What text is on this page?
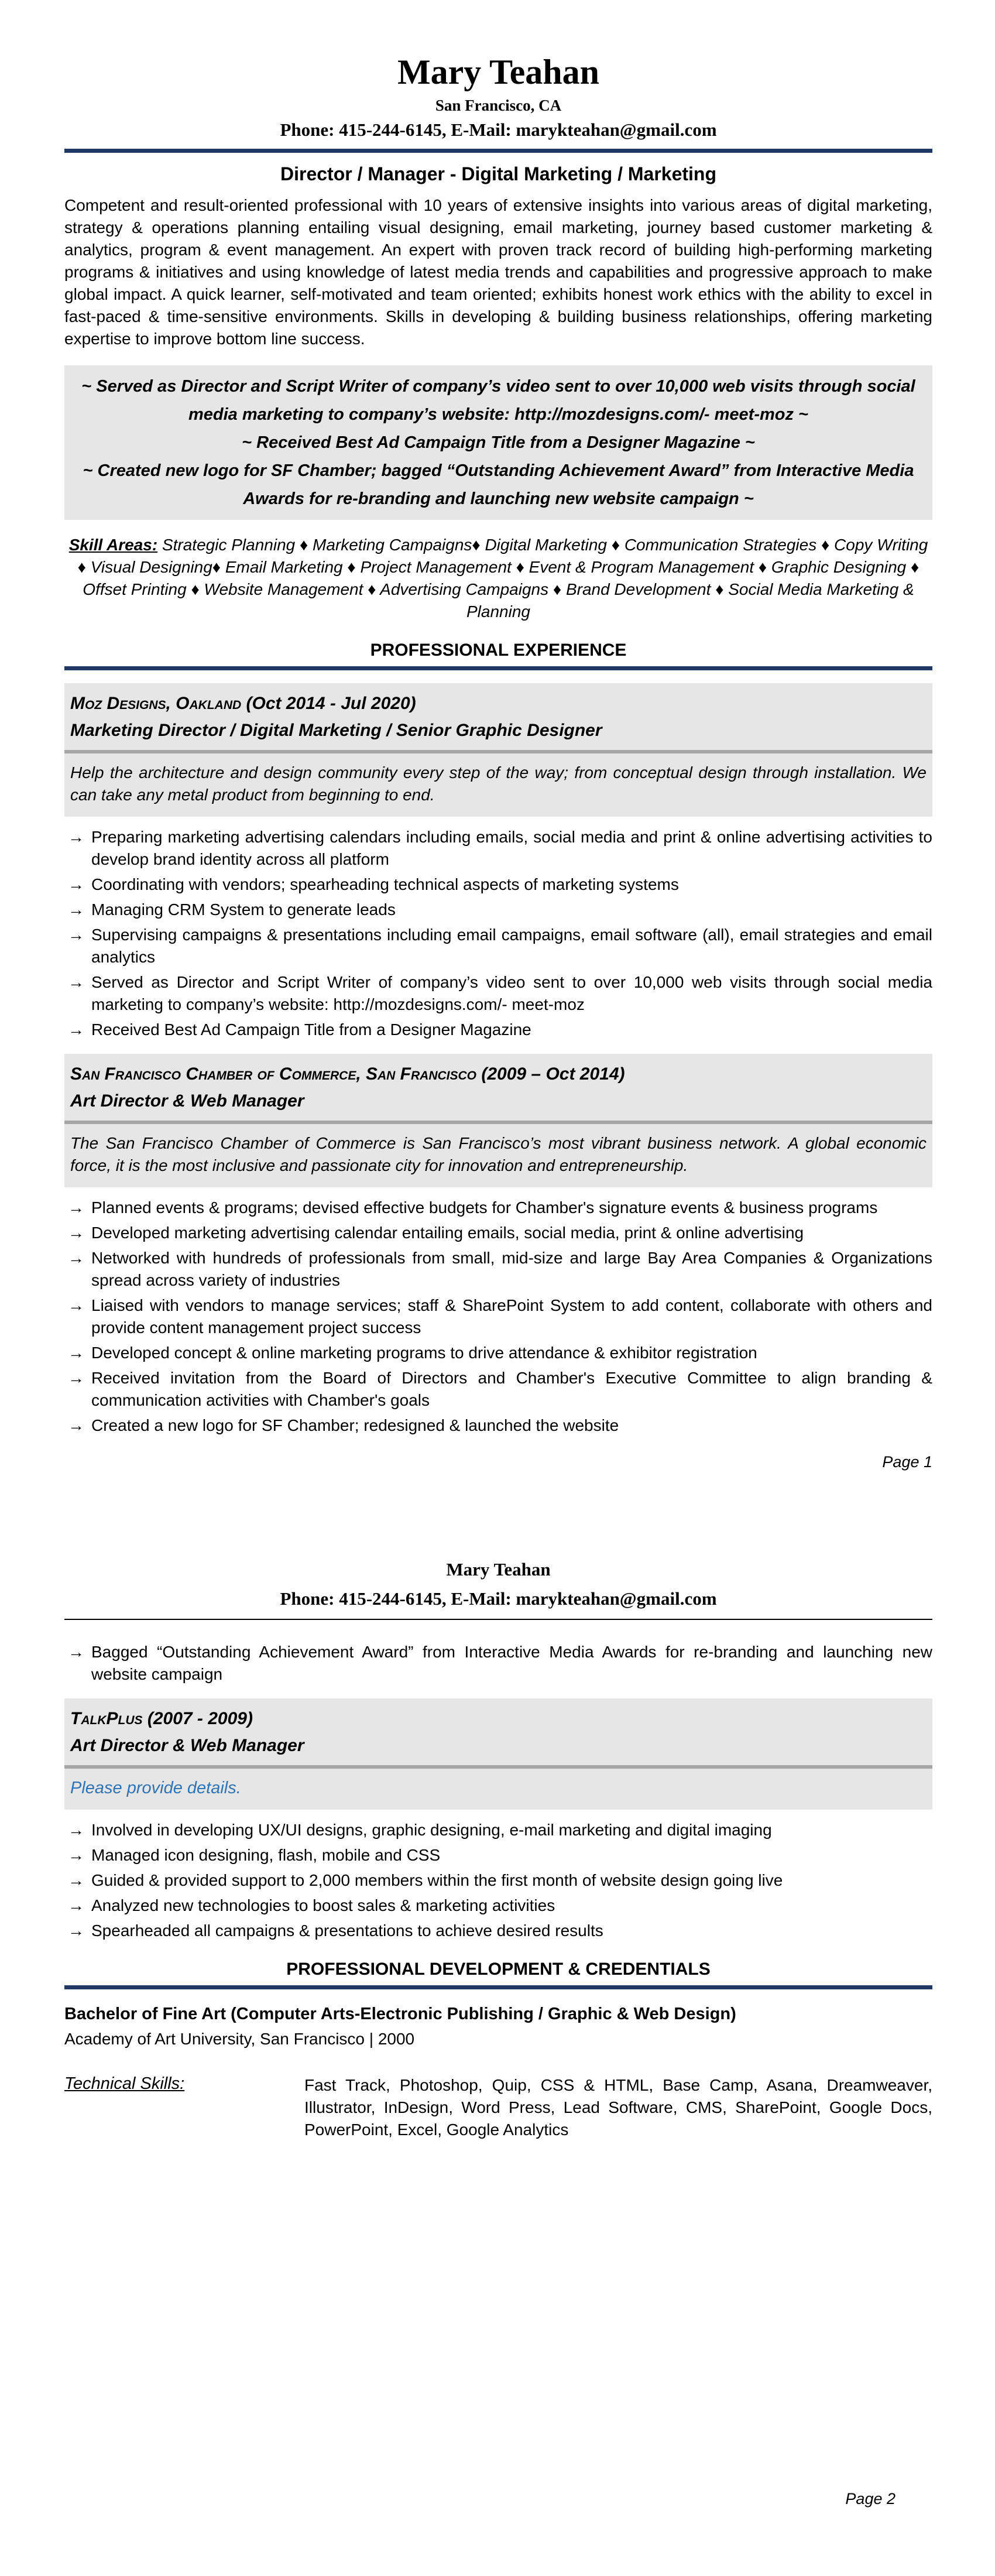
Mary Teahan
San Francisco, CA
Phone: 415-244-6145, E-Mail: marykteahan@gmail.com
Director / Manager - Digital Marketing / Marketing

Competent and result-oriented professional with 10 years of extensive insights into various areas of digital marketing, strategy & operations planning entailing visual designing, email marketing, journey based customer marketing & analytics, program & event management. An expert with proven track record of building high-performing marketing programs & initiatives and using knowledge of latest media trends and capabilities and progressive approach to make global impact. A quick learner, self-motivated and team oriented; exhibits honest work ethics with the ability to excel in fast-paced & time-sensitive environments. Skills in developing & building business relationships, offering marketing expertise to improve bottom line success.

~ Served as Director and Script Writer of company’s video sent to over 10,000 web visits through social media marketing to company’s website: http://mozdesigns.com/- meet-moz ~

~ Received Best Ad Campaign Title from a Designer Magazine ~

~ Created new logo for SF Chamber; bagged “Outstanding Achievement Award” from Interactive Media Awards for re-branding and launching new website campaign ~

Skill Areas: Strategic Planning ♦ Marketing Campaigns♦ Digital Marketing ♦ Communication Strategies ♦ Copy Writing ♦ Visual Designing♦ Email Marketing ♦ Project Management ♦ Event & Program Management ♦ Graphic Designing ♦ Offset Printing ♦ Website Management ♦ Advertising Campaigns ♦ Brand Development ♦ Social Media Marketing & Planning

PROFESSIONAL EXPERIENCE

Moz Designs, Oakland (Oct 2014 - Jul 2020)

Marketing Director / Digital Marketing / Senior Graphic Designer

Help the architecture and design community every step of the way; from conceptual design through installation. We can take any metal product from beginning to end.

→ Preparing marketing advertising calendars including emails, social media and print & online advertising activities to develop brand identity across all platform
→ Coordinating with vendors; spearheading technical aspects of marketing systems
→ Managing CRM System to generate leads
→ Supervising campaigns & presentations including email campaigns, email software (all), email strategies and email analytics
→ Served as Director and Script Writer of company’s video sent to over 10,000 web visits through social media marketing to company’s website: http://mozdesigns.com/- meet-moz
→ Received Best Ad Campaign Title from a Designer Magazine

San Francisco Chamber of Commerce, San Francisco (2009 – Oct 2014)

Art Director & Web Manager

The San Francisco Chamber of Commerce is San Francisco’s most vibrant business network. A global economic force, it is the most inclusive and passionate city for innovation and entrepreneurship.

→ Planned events & programs; devised effective budgets for Chamber's signature events & business programs
→ Developed marketing advertising calendar entailing emails, social media, print & online advertising
→ Networked with hundreds of professionals from small, mid-size and large Bay Area Companies & Organizations spread across variety of industries
→ Liaised with vendors to manage services; staff & SharePoint System to add content, collaborate with others and provide content management project success
→ Developed concept & online marketing programs to drive attendance & exhibitor registration
→ Received invitation from the Board of Directors and Chamber's Executive Committee to align branding & communication activities with Chamber's goals
→ Created a new logo for SF Chamber; redesigned & launched the website
Page 1
Mary Teahan
Phone: 415-244-6145, E-Mail: marykteahan@gmail.com
→ Bagged “Outstanding Achievement Award” from Interactive Media Awards for re-branding and launching new website campaign

TalkPlus (2007 - 2009)

Art Director & Web Manager

Please provide details.

→ Involved in developing UX/UI designs, graphic designing, e-mail marketing and digital imaging
→ Managed icon designing, flash, mobile and CSS
→ Guided & provided support to 2,000 members within the first month of website design going live
→ Analyzed new technologies to boost sales & marketing activities
→ Spearheaded all campaigns & presentations to achieve desired results
PROFESSIONAL DEVELOPMENT & CREDENTIALS

Bachelor of Fine Art (Computer Arts-Electronic Publishing / Graphic & Web Design)

Academy of Art University, San Francisco | 2000

Technical Skills:	Fast Track, Photoshop, Quip, CSS & HTML, Base Camp, Asana, Dreamweaver, Illustrator, InDesign, Word Press, Lead Software, CMS, SharePoint, Google Docs, PowerPoint, Excel, Google Analytics
Page 2
